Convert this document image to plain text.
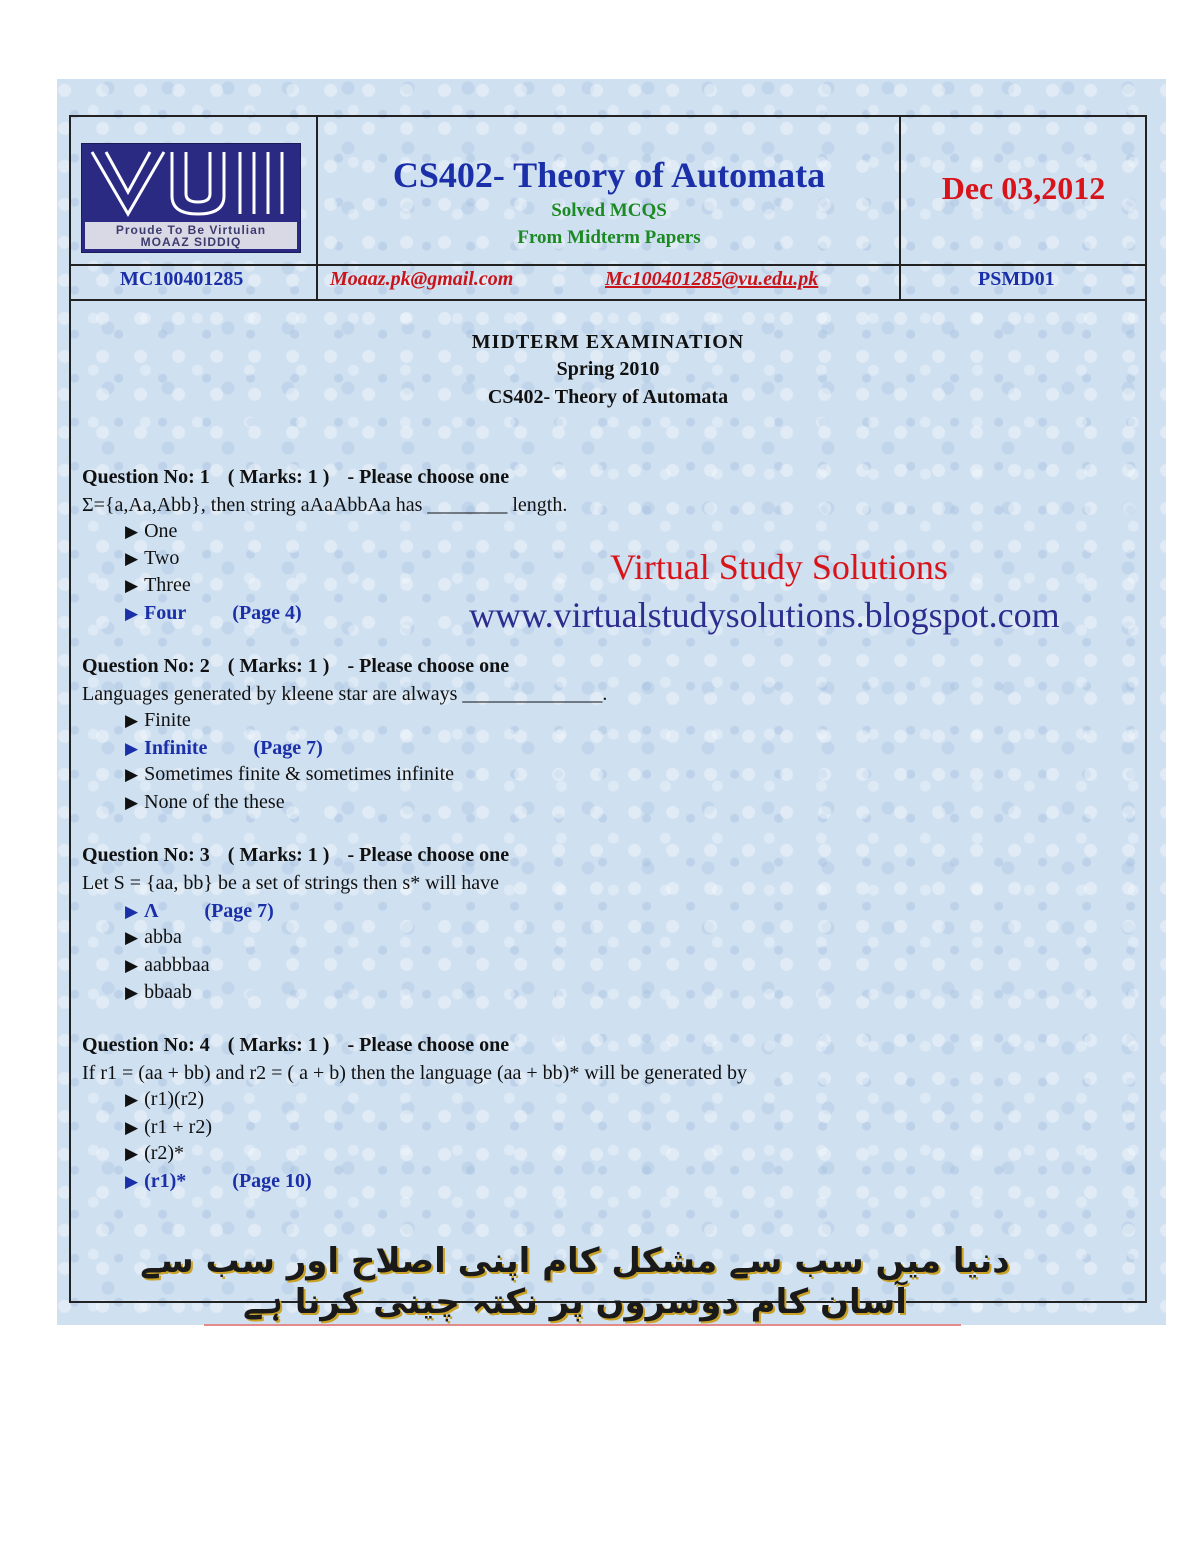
Proude To Be Virtulian
MOAAZ SIDDIQ
CS402- Theory of Automata
Solved MCQS
From Midterm Papers
Dec 03,2012
MC100401285	Moaaz.pk@gmail.com	Mc100401285@vu.edu.pk	PSMD01
MIDTERM EXAMINATION
Spring 2010
CS402- Theory of Automata
Virtual Study Solutions
www.virtualstudysolutions.blogspot.com
Question No: 1 ( Marks: 1 ) - Please choose one
Σ={a,Aa,Abb}, then string aAaAbbAa has ________ length.
▶ One
▶ Two
▶ Three
▶ Four (Page 4)
Question No: 2 ( Marks: 1 ) - Please choose one
Languages generated by kleene star are always ______________.
▶ Finite
▶ Infinite (Page 7)
▶ Sometimes finite & sometimes infinite
▶ None of the these
Question No: 3 ( Marks: 1 ) - Please choose one
Let S = {aa, bb} be a set of strings then s* will have
▶ Λ (Page 7)
▶ abba
▶ aabbbaa
▶ bbaab
Question No: 4 ( Marks: 1 ) - Please choose one
If r1 = (aa + bb) and r2 = ( a + b) then the language (aa + bb)* will be generated by
▶ (r1)(r2)
▶ (r1 + r2)
▶ (r2)*
▶ (r1)* (Page 10)
دنیا میں سب سے مشکل کام اپنی اصلاح اور سب سے آسان کام دوسروں پر نکتہ چینی کرنا ہے
